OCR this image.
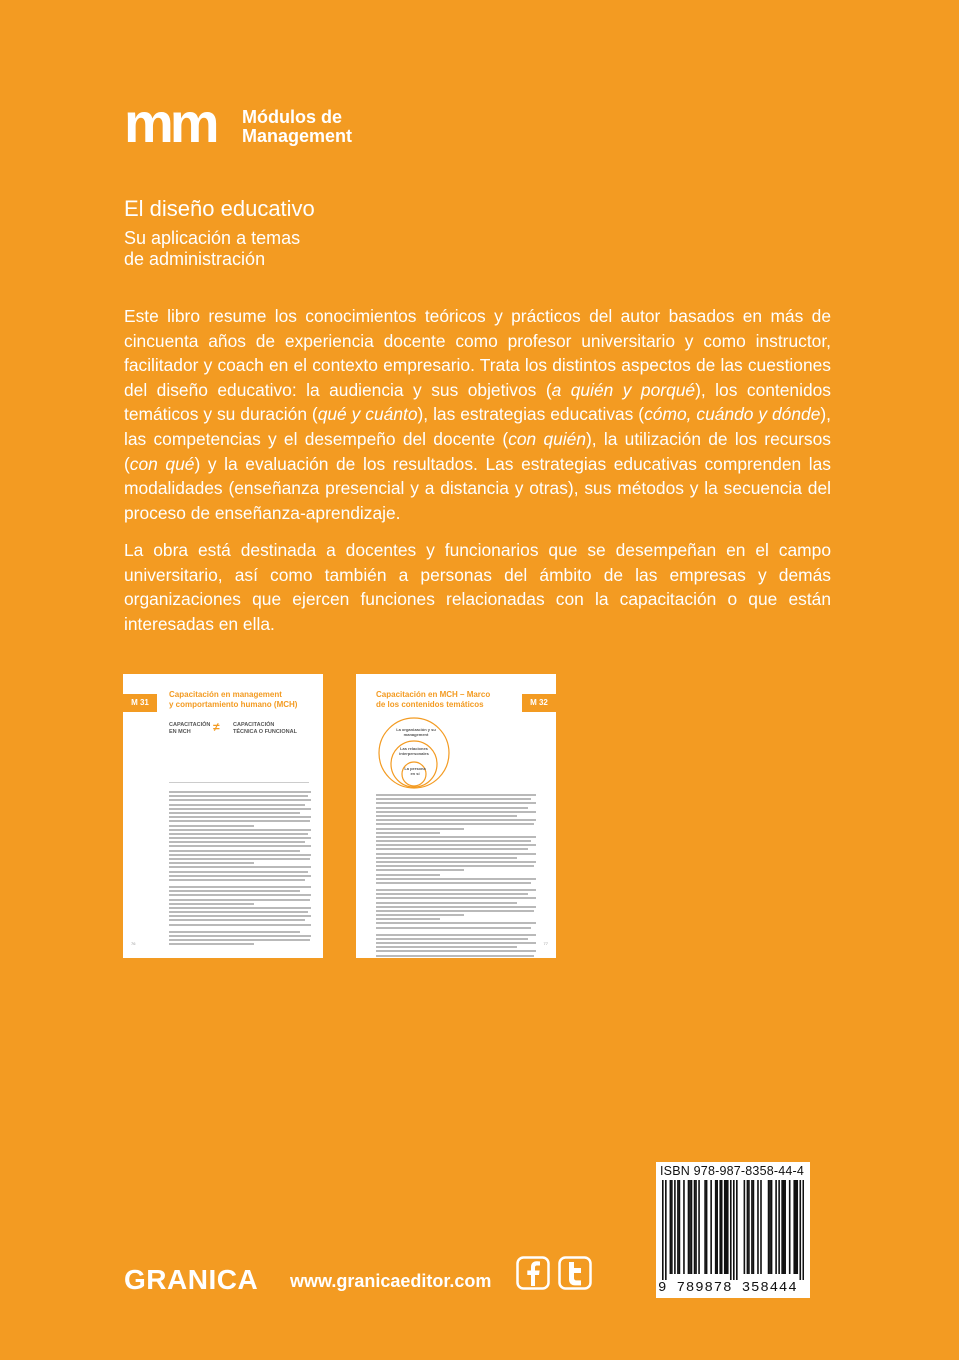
mm Módulos de
Management
El diseño educativo
Su aplicación a temas
de administración

Este libro resume los conocimientos teóricos y prácticos del autor basados en más de cincuenta años de experiencia docente como profesor universitario y como instructor, facilitador y coach en el contexto empresario. Trata los distintos aspectos de las cuestiones del diseño educativo: la audiencia y sus objetivos (a quién y porqué), los contenidos temáticos y su duración (qué y cuánto), las estrategias educativas (cómo, cuándo y dónde), las competencias y el desempeño del docente (con quién), la utilización de los recursos (con qué) y la evaluación de los resultados. Las estrategias educativas comprenden las modalidades (enseñanza presencial y a distancia y otras), sus métodos y la secuencia del proceso de enseñanza-aprendizaje.

La obra está destinada a docentes y funcionarios que se desempeñan en el campo universitario, así como también a personas del ámbito de las empresas y demás organizaciones que ejercen funciones relacionadas con la capacitación o que están interesadas en ella.

M 31
Capacitación en management
y comportamiento humano (MCH)
CAPACITACIÓN
EN MCH	≠ CAPACITACIÓN
TÉCNICA O FUNCIONAL
76
M 32
Capacitación en MCH – Marco
de los contenidos temáticos
La organización y su management
Las relaciones interpersonales
La persona en sí
77
ISBN 978-987-8358-44-4
9 789878 358444
GRANICA www.granicaeditor.com
